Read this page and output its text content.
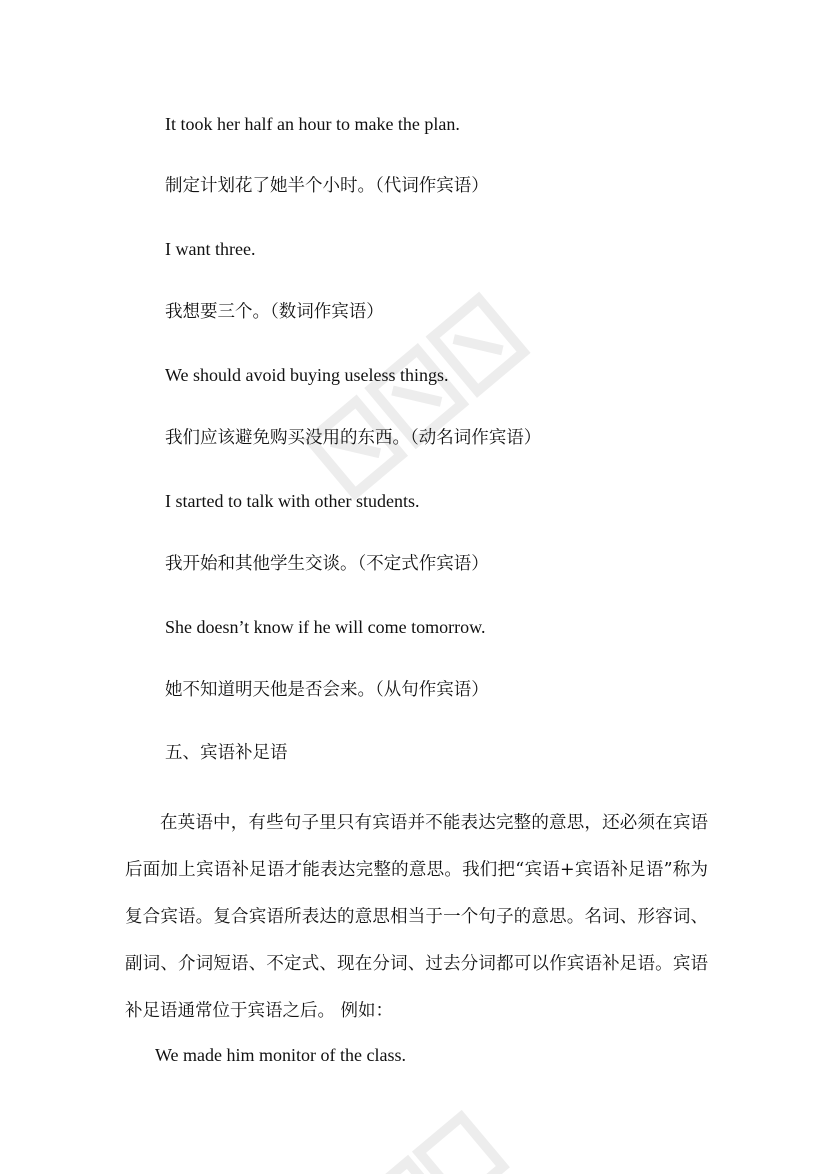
It took her half an hour to make the plan.

制定计划花了她半个小时。（代词作宾语）

I want three.

我想要三个。（数词作宾语）

We should avoid buying useless things.

我们应该避免购买没用的东西。（动名词作宾语）

I started to talk with other students.

我开始和其他学生交谈。（不定式作宾语）

She doesn’t know if he will come tomorrow.

她不知道明天他是否会来。（从句作宾语）

五、宾语补足语

在英语中，有些句子里只有宾语并不能表达完整的意思，还必须在宾语后面加上宾语补足语才能表达完整的意思。我们把“宾语+宾语补足语”称为复合宾语。复合宾语所表达的意思相当于一个句子的意思。名词、形容词、副词、介词短语、不定式、现在分词、过去分词都可以作宾语补足语。宾语补足语通常位于宾语之后。 例如：

We made him monitor of the class.
